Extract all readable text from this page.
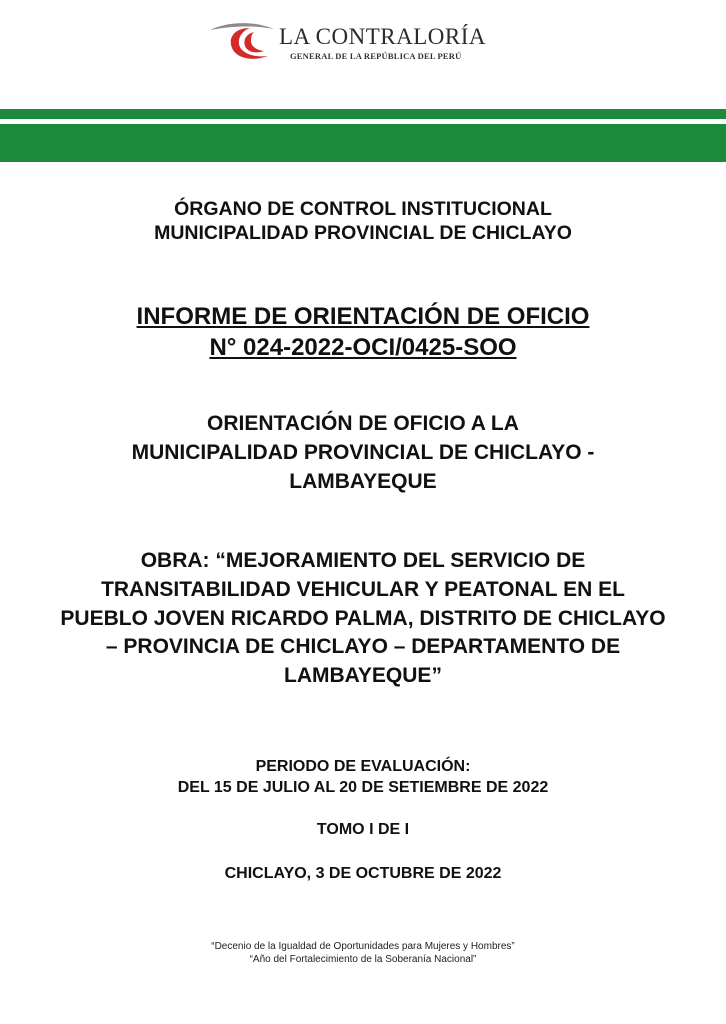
LA CONTRALORÍA
GENERAL DE LA REPÚBLICA DEL PERÚ
ÓRGANO DE CONTROL INSTITUCIONAL
MUNICIPALIDAD PROVINCIAL DE CHICLAYO
INFORME DE ORIENTACIÓN DE OFICIO
N° 024-2022-OCI/0425-SOO
ORIENTACIÓN DE OFICIO A LA
MUNICIPALIDAD PROVINCIAL DE CHICLAYO -
LAMBAYEQUE
OBRA: “MEJORAMIENTO DEL SERVICIO DE
TRANSITABILIDAD VEHICULAR Y PEATONAL EN EL
PUEBLO JOVEN RICARDO PALMA, DISTRITO DE CHICLAYO
– PROVINCIA DE CHICLAYO – DEPARTAMENTO DE
LAMBAYEQUE”
PERIODO DE EVALUACIÓN:
DEL 15 DE JULIO AL 20 DE SETIEMBRE DE 2022
TOMO I DE I
CHICLAYO, 3 DE OCTUBRE DE 2022
“Decenio de la Igualdad de Oportunidades para Mujeres y Hombres”
“Año del Fortalecimiento de la Soberanía Nacional”
